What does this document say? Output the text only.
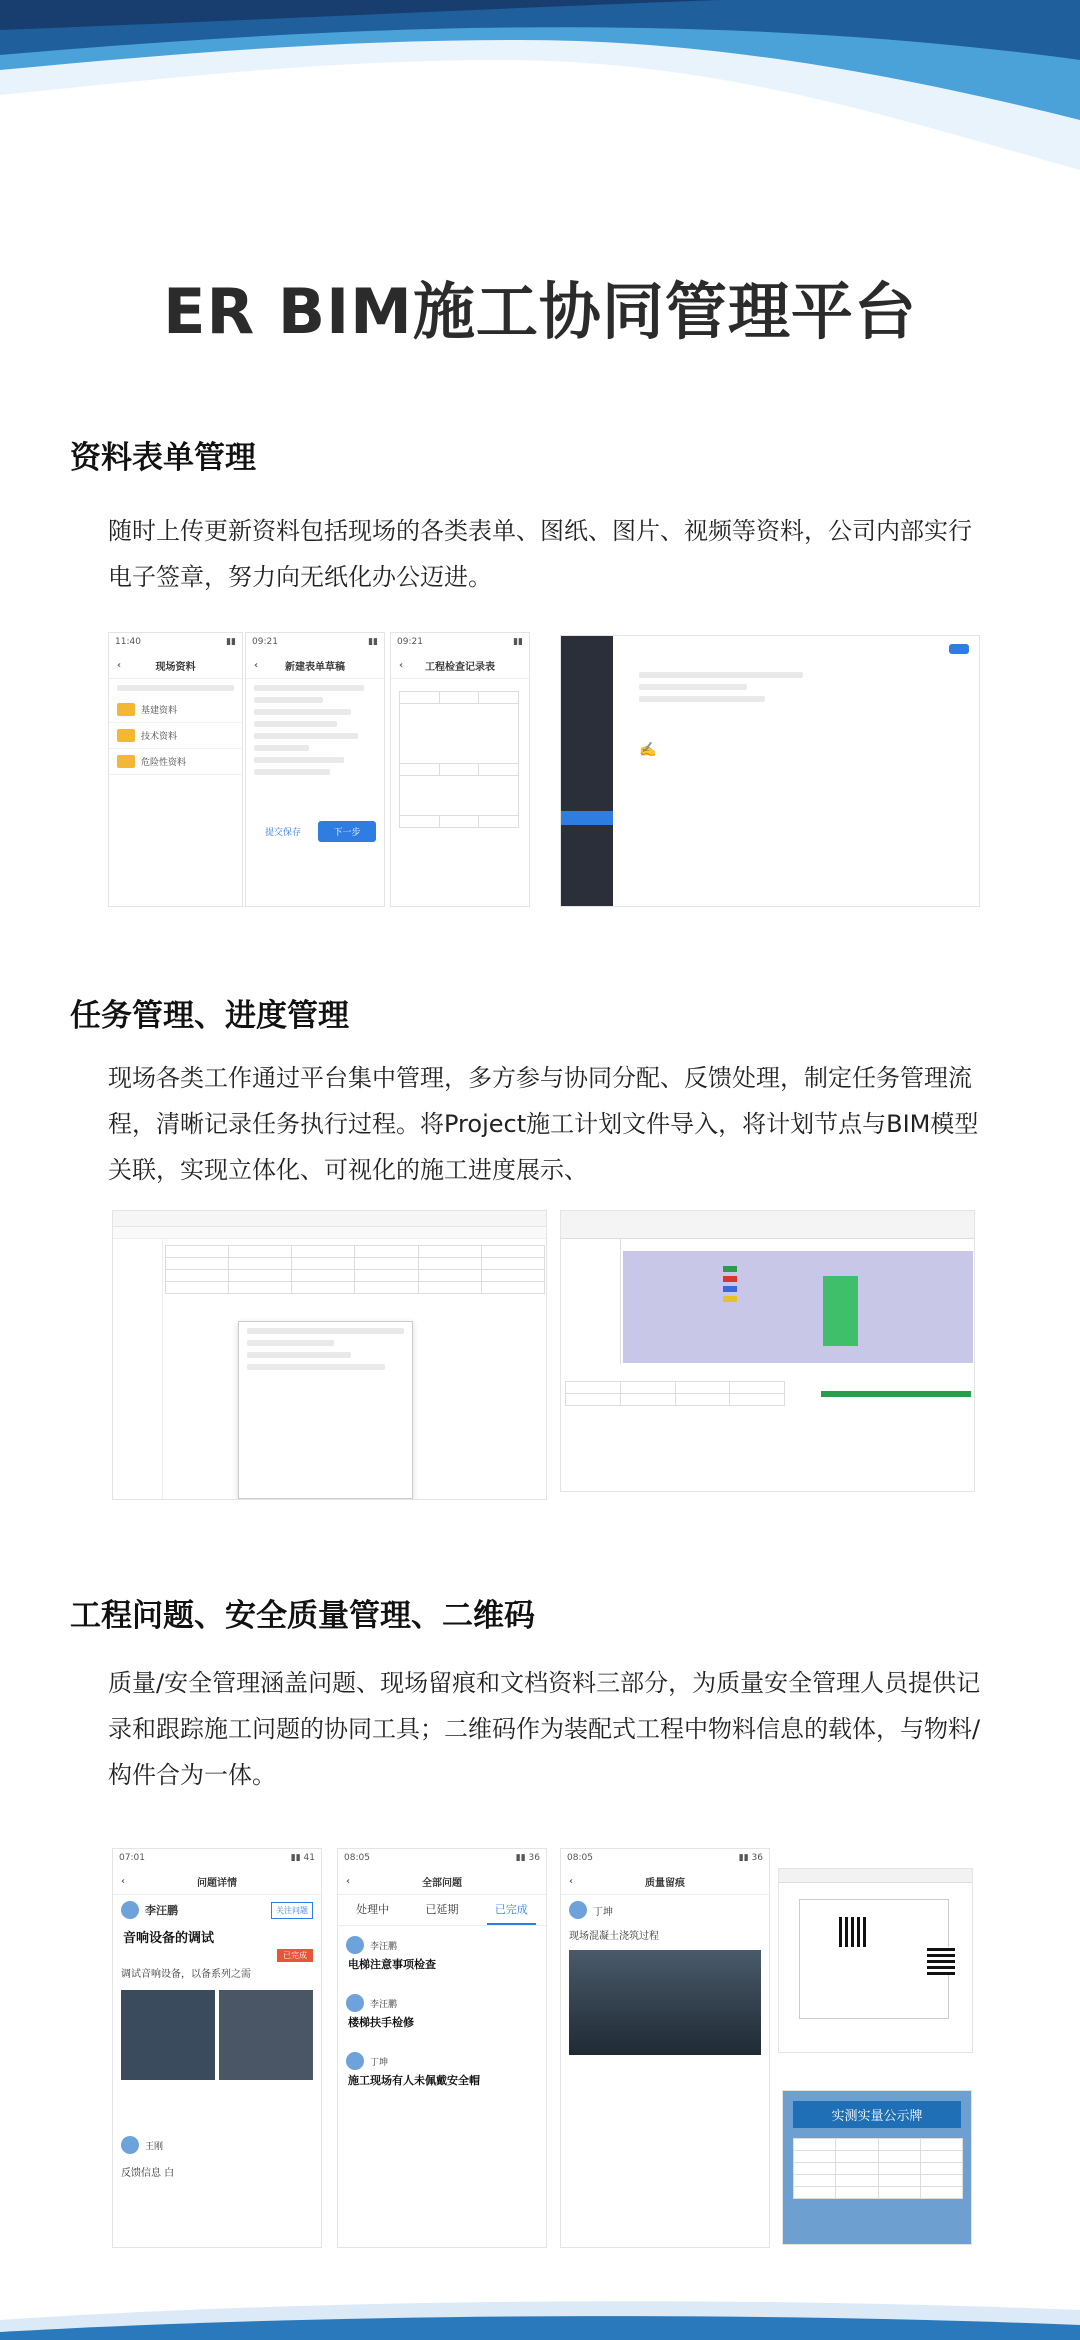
ER BIM施工协同管理平台
资料表单管理
随时上传更新资料包括现场的各类表单、图纸、图片、视频等资料，公司内部实行电子签章，努力向无纸化办公迈进。
11:40	▮▮
‹	现场资料
基建资料
技术资料
危险性资料
09:21	▮▮
‹	新建表单草稿
提交保存	下一步
09:21	▮▮
‹ 工程检查记录表

✍
任务管理、进度管理
现场各类工作通过平台集中管理，多方参与协同分配、反馈处理，制定任务管理流程，清晰记录任务执行过程。将Project施工计划文件导入，将计划节点与BIM模型关联，实现立体化、可视化的施工进度展示、

工程问题、安全质量管理、二维码
质量/安全管理涵盖问题、现场留痕和文档资料三部分，为质量安全管理人员提供记录和跟踪施工问题的协同工具；二维码作为装配式工程中物料信息的载体，与物料/构件合为一体。
07:01	▮▮ 41
‹	问题详情
李汪鹏	关注问题
音响设备的调试
已完成
调试音响设备，以备系列之需
王刚
反馈信息 白
08:05	▮▮ 36
‹	全部问题
处理中	已延期	已完成
李汪鹏
电梯注意事项检查
李汪鹏
楼梯扶手检修
丁坤
施工现场有人未佩戴安全帽
08:05	▮▮ 36
‹	质量留痕
丁坤
现场混凝土浇筑过程
实测实量公示牌
